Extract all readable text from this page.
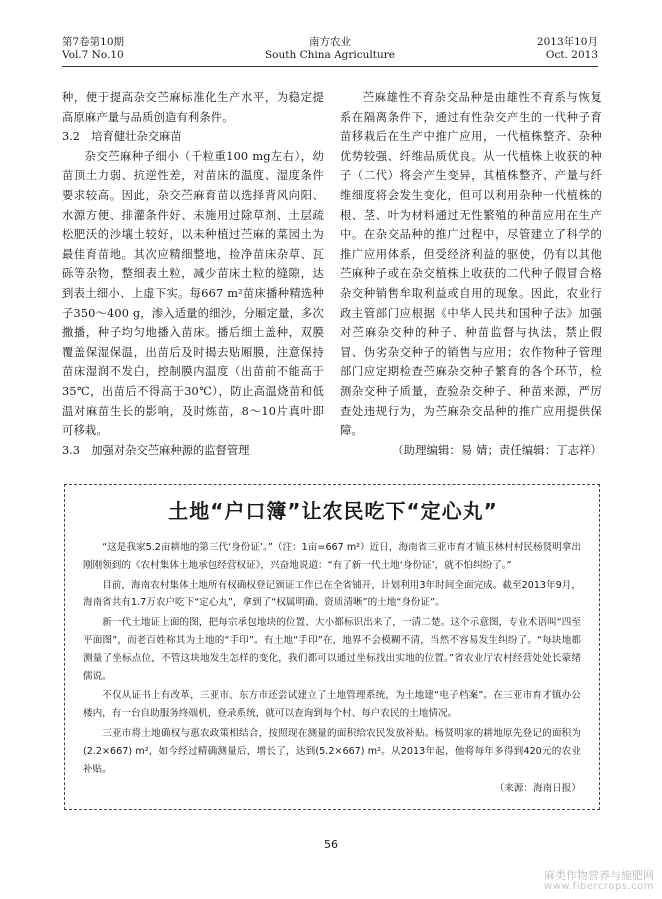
第7卷第10期
Vol.7 No.10
南方农业
South China Agriculture
2013年10月
Oct. 2013

种，便于提高杂交苎麻标准化生产水平，为稳定提高原麻产量与品质创造有利条件。

3.2　培育健壮杂交麻苗

杂交苎麻种子细小（千粒重100 mg左右），幼苗顶土力弱、抗逆性差，对苗床的温度、湿度条件要求较高。因此，杂交苎麻育苗以选择背风向阳、水源方便、排灌条件好、未施用过除草剂、土层疏松肥沃的沙壤土较好，以未种植过苎麻的菜园土为最佳育苗地。其次应精细整地，捡净苗床杂草、瓦砾等杂物，整细表土粒，减少苗床土粒的缝隙，达到表土细小、上虚下实。每667 m²苗床播种精选种子350～400 g，渗入适量的细沙，分厢定量，多次撒播，种子均匀地播入苗床。播后细土盖种，双膜覆盖保湿保温，出苗后及时揭去贴厢膜，注意保持苗床湿润不发白，控制膜内温度（出苗前不能高于35℃，出苗后不得高于30℃），防止高温烧苗和低温对麻苗生长的影响，及时炼苗，8～10片真叶即可移栽。

3.3　加强对杂交苎麻种源的监督管理

苎麻雄性不育杂交品种是由雄性不育系与恢复系在隔离条件下，通过有性杂交产生的一代种子育苗移栽后在生产中推广应用，一代植株整齐、杂种优势较强、纤维品质优良。从一代植株上收获的种子（二代）将会产生变异，其植株整齐、产量与纤维细度将会发生变化，但可以利用杂种一代植株的根、茎、叶为材料通过无性繁殖的种苗应用在生产中。在杂交品种的推广过程中，尽管建立了科学的推广应用体系，但受经济利益的驱使，仍有以其他苎麻种子或在杂交植株上收获的二代种子假冒合格杂交种销售牟取利益或自用的现象。因此，农业行政主管部门应根据《中华人民共和国种子法》加强对苎麻杂交种的种子、种苗监督与执法，禁止假冒、伪劣杂交种子的销售与应用；农作物种子管理部门应定期检查苎麻杂交种子繁育的各个环节，检测杂交种子质量，查验杂交种子、种苗来源，严厉查处违规行为，为苎麻杂交品种的推广应用提供保障。

（助理编辑：易 婧；责任编辑：丁志祥）

土地“户口簿”让农民吃下“定心丸”

“这是我家5.2亩耕地的第三代‘身份证’。”（注：1亩=667 m²）近日，海南省三亚市育才镇玉林村村民杨贤明拿出刚刚领到的《农村集体土地承包经营权证》，兴奋地说道：“有了新一代土地‘身份证’，就不怕纠纷了。”

目前，海南农村集体土地所有权确权登记颁证工作已在全省铺开，计划利用3年时间全面完成。截至2013年9月，海南省共有1.7万农户吃下“定心丸”，拿到了“权属明确、资质清晰”的土地“身份证”。

新一代土地证上面的图，把每宗承包地块的位置、大小都标识出来了，一清二楚。这个示意图，专业术语叫“四至平面图”，而老百姓称其为土地的“手印”。有土地“手印”在，地界不会模糊不清，当然不容易发生纠纷了。“每块地都测量了坐标点位，不管这块地发生怎样的变化，我们都可以通过坐标找出实地的位置。”省农业厅农村经营处处长蒙绪儒说。

不仅从证书上有改革，三亚市、东方市还尝试建立了土地管理系统，为土地建“电子档案”。在三亚市育才镇办公楼内，有一台自助服务终端机，登录系统，就可以查询到每个村、每户农民的土地情况。

三亚市将土地确权与惠农政策相结合，按照现在测量的面积给农民发放补贴。杨贤明家的耕地原先登记的面积为(2.2×667) m²，如今经过精确测量后，增长了，达到(5.2×667) m²。从2013年起，他将每年多得到420元的农业补贴。

（来源：海南日报）

56
麻类作物营养与施肥网
www.fibercrops.com
